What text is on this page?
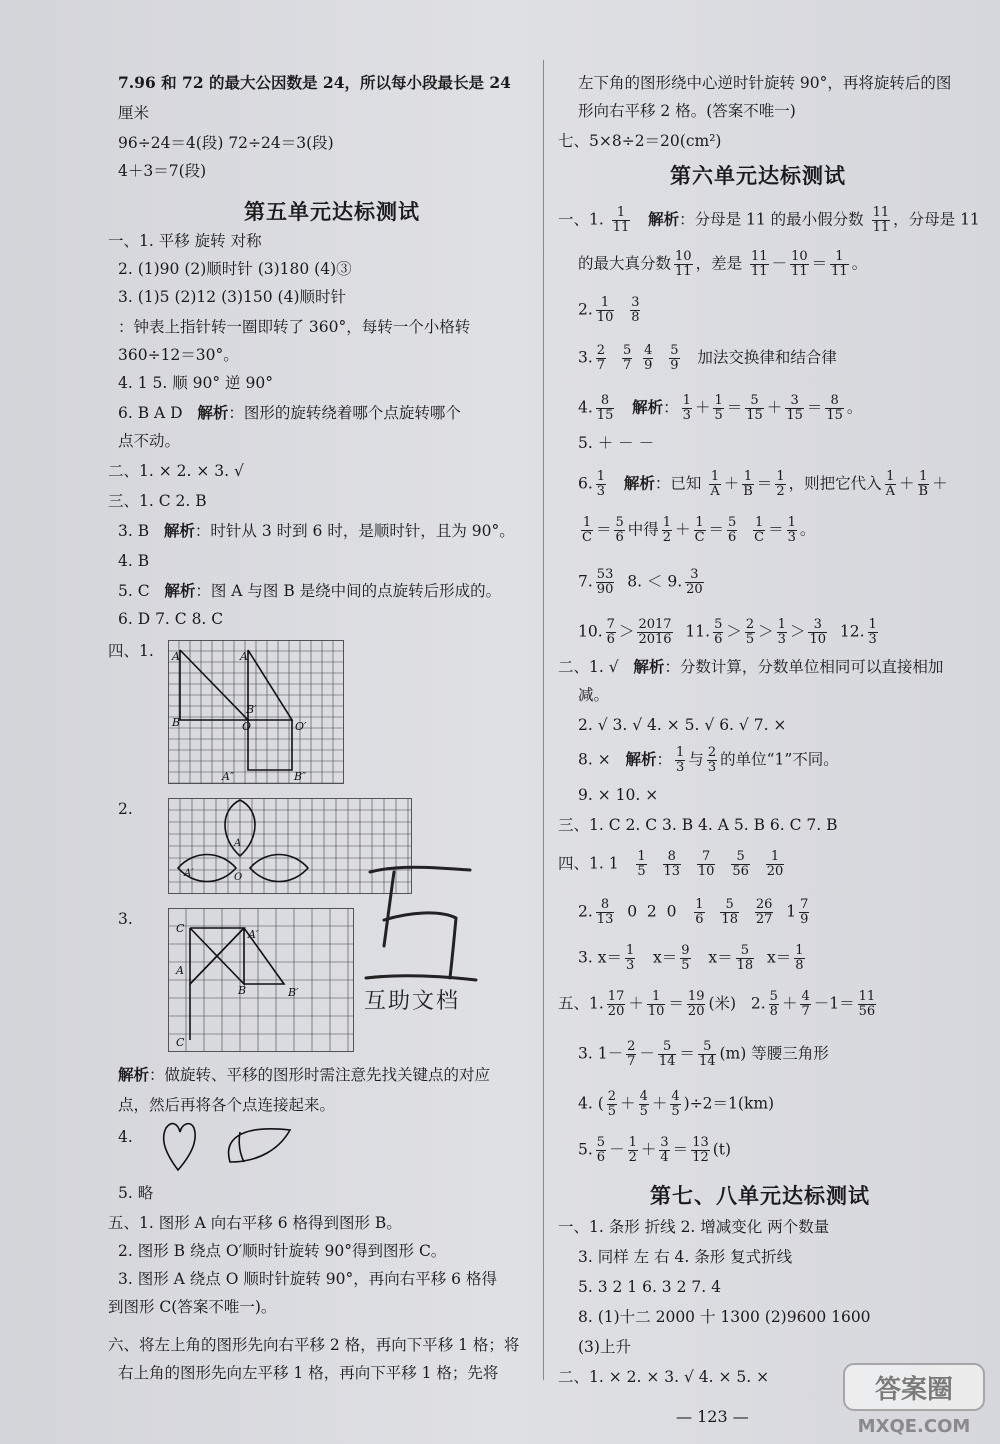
7.96 和 72 的最大公因数是 24，所以每小段最长是 24
厘米
96÷24＝4(段) 72÷24＝3(段)
4＋3＝7(段)
第五单元达标测试
一、1. 平移 旋转 对称
2. (1)90 (2)顺时针 (3)180 (4)③
3. (1)5 (2)12 (3)150 (4)顺时针
：钟表上指针转一圈即转了 360°，每转一个小格转
360÷12＝30°。
4. 1 5. 顺 90° 逆 90°
6. B A D 解析：图形的旋转绕着哪个点旋转哪个
点不动。
二、1. × 2. × 3. √
三、1. C 2. B
3. B 解析：时针从 3 时到 6 时，是顺时针，且为 90°。
4. B
5. C 解析：图 A 与图 B 是绕中间的点旋转后形成的。
6. D 7. C 8. C
四、1.
2.
3.
解析：做旋转、平移的图形时需注意先找关键点的对应
点，然后再将各个点连接起来。
4.
5. 略
五、1. 图形 A 向右平移 6 格得到图形 B。
2. 图形 B 绕点 O′顺时针旋转 90°得到图形 C。
3. 图形 A 绕点 O 顺时针旋转 90°，再向右平移 6 格得
到图形 C(答案不唯一)。
六、将左上角的图形先向右平移 2 格，再向下平移 1 格；将
右上角的图形先向左平移 1 格，再向下平移 1 格；先将
A	A′
B′
B	O	O′
A″	B″
A
A′	O
C	A′
A
B	B′
C
互助文档
左下角的图形绕中心逆时针旋转 90°，再将旋转后的图
形向右平移 2 格。(答案不唯一)
七、5×8÷2＝20(cm²)
第六单元达标测试
一、1. $\frac{1}{11}$ 解析：分母是 11 的最小假分数 $\frac{11}{11}$ ，分母是 11
的最大真分数 $\frac{10}{11}$ ，差是 $\frac{11}{11} - \frac{10}{11} = \frac{1}{11}$ 。
2. $\frac{1}{10}$
$\frac{3}{8}$
3. $\frac{2}{7}$
$\frac{5}{7}$
$\frac{4}{9}$
$\frac{5}{9}$ 加法交换律和结合律
4. $\frac{8}{15}$ 解析： $\frac{1}{3} + \frac{1}{5} = \frac{5}{15} + \frac{3}{15} = \frac{8}{15}$ 。
5. ＋ － －
6. $\frac{1}{3}$ 解析：已知 $\frac{1}{A} + \frac{1}{B} = \frac{1}{2}$ ，则把它代入 $\frac{1}{A} + \frac{1}{B}$ ＋
$\frac{1}{C} = \frac{5}{6}$ 中得 $\frac{1}{2} + \frac{1}{C} = \frac{5}{6}$
$\frac{1}{C} = \frac{1}{3}$ 。
7. $\frac{53}{90} 8$. ＜ 9. $\frac{3}{20}$
10. $\frac{7}{6} > \frac{2017}{2016} 11$. $\frac{5}{6} > \frac{2}{5} > \frac{1}{3} > \frac{3}{10} 12$. $\frac{1}{3}$
二、1. √ 解析：分数计算，分数单位相同可以直接相加
减。
2. √ 3. √ 4. × 5. √ 6. √ 7. ×
8. × 解析： $\frac{1}{3}$ 与 $\frac{2}{3}$ 的单位“1”不同。
9. × 10. ×
三、1. C 2. C 3. B 4. A 5. B 6. C 7. B
四、1. $1 \frac{1}{5}$
$\frac{8}{13}$
$\frac{7}{10}$
$\frac{5}{56}$
$\frac{1}{20}$
2. $\frac{8}{13} 0$  2  $0 \frac{1}{6}$
$\frac{5}{18}$
$\frac{26}{27} 1 \frac{7}{9}$
3. $x= \frac{1}{3} x= \frac{9}{5} x= \frac{5}{18} x= \frac{1}{8}$
五、1. $\frac{17}{20} + \frac{1}{10} = \frac{19}{20}$ (米) 2. $\frac{5}{8} + \frac{4}{7} -1= \frac{11}{56}$
3. $1- \frac{2}{7} - \frac{5}{14} = \frac{5}{14} (m)$ 等腰三角形
4. ( $\frac{2}{5} + \frac{4}{5} + \frac{4}{5} )\div 2=1(km)$
5. $\frac{5}{6} - \frac{1}{2} + \frac{3}{4} = \frac{13}{12} (t)$
第七、八单元达标测试
一、1. 条形 折线 2. 增减变化 两个数量
3. 同样 左 右 4. 条形 复式折线
5. 3 2 1 6. 3 2 7. 4
8. (1)十二 2000 十 1300 (2)9600 1600
(3)上升
二、1. × 2. × 3. √ 4. × 5. ×
— 123 —
答案圈
MXQE.COM
